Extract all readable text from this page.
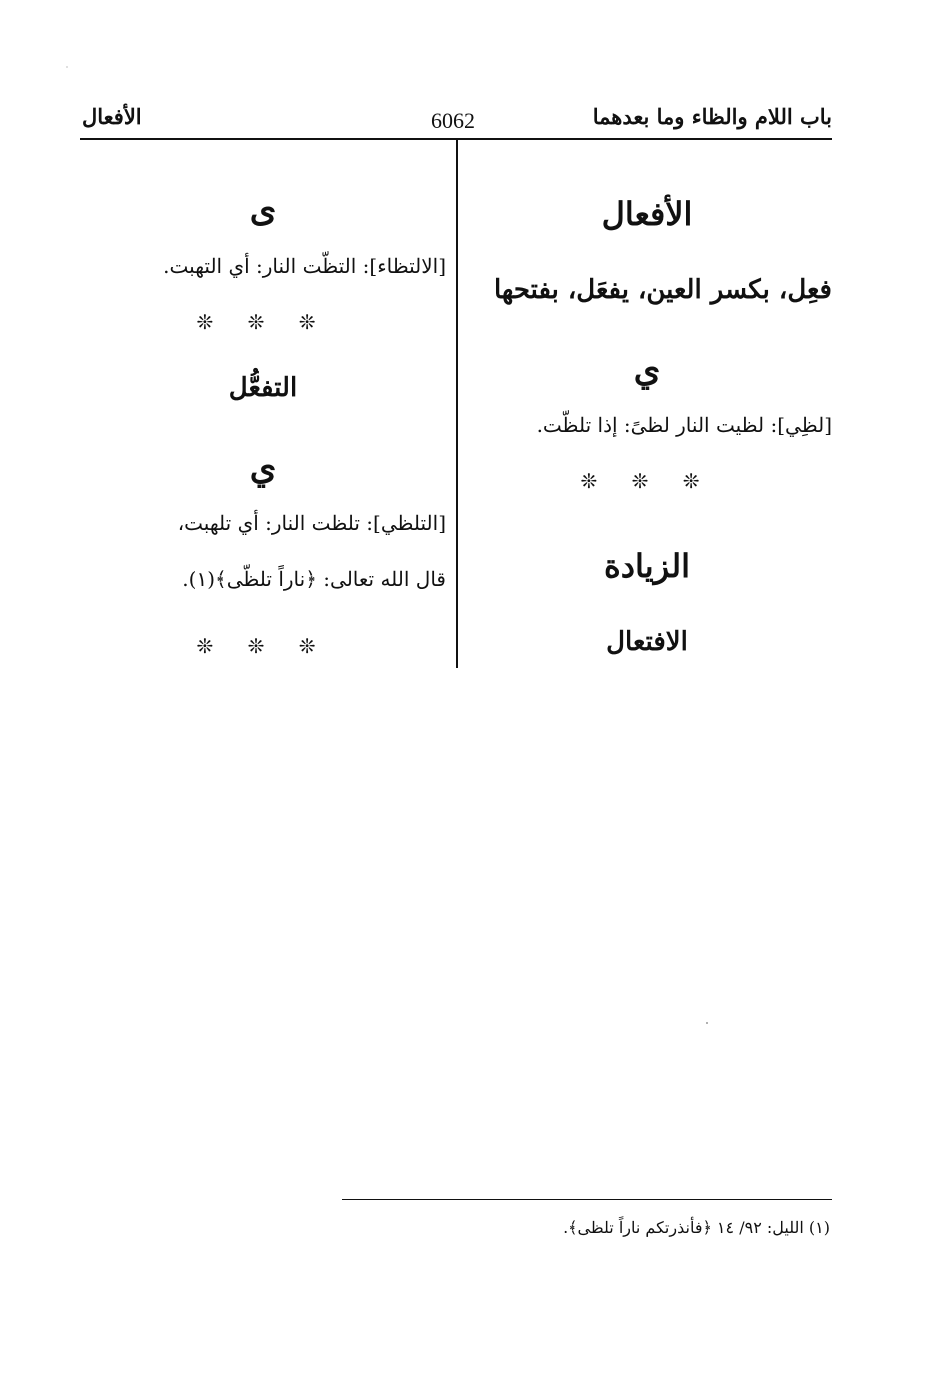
باب اللام والظاء وما بعدهما
6062
الأفعال
الأفعال
فعِل، بكسر العين، يفعَل، بفتحها
ي
[لظِي]: لظيت النار لظىً: إذا تلظّت.
❊ ❊ ❊
الزيادة
الافتعال
ى
[الالتظاء]: التظّت النار: أي التهبت.
❊ ❊ ❊
التفعُّل
ي
[التلظي]: تلظت النار: أي تلهبت،
قال الله تعالى: ﴿ناراً تلظّى﴾(١).
❊ ❊ ❊
(١) الليل: ٩٢/ ١٤ ﴿فأنذرتكم ناراً تلظى﴾.
